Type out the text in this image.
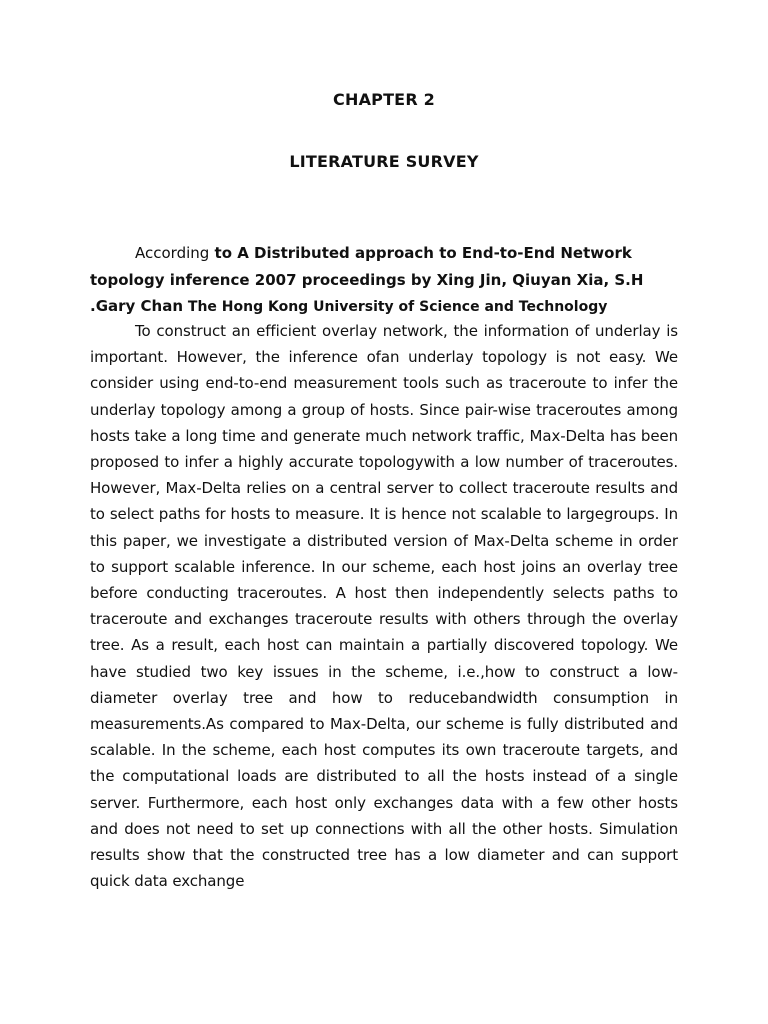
CHAPTER 2
LITERATURE SURVEY

According to A Distributed approach to End-to-End Network topology inference 2007 proceedings by Xing Jin, Qiuyan Xia, S.H .Gary Chan The Hong Kong University of Science and Technology

To construct an efficient overlay network, the information of underlay is important. However, the inference ofan underlay topology is not easy. We consider using end-to-end measurement tools such as traceroute to infer the underlay topology among a group of hosts. Since pair-wise traceroutes among hosts take a long time and generate much network traffic, Max-Delta has been proposed to infer a highly accurate topologywith a low number of traceroutes. However, Max-Delta relies on a central server to collect traceroute results and to select paths for hosts to measure. It is hence not scalable to largegroups. In this paper, we investigate a distributed version of Max-Delta scheme in order to support scalable inference. In our scheme, each host joins an overlay tree before conducting traceroutes. A host then independently selects paths to traceroute and exchanges traceroute results with others through the overlay tree. As a result, each host can maintain a partially discovered topology. We have studied two key issues in the scheme, i.e.,how to construct a low-diameter overlay tree and how to reducebandwidth consumption in measurements.As compared to Max-Delta, our scheme is fully distributed and scalable. In the scheme, each host computes its own traceroute targets, and the computational loads are distributed to all the hosts instead of a single server. Furthermore, each host only exchanges data with a few other hosts and does not need to set up connections with all the other hosts. Simulation results show that the constructed tree has a low diameter and can support quick data exchange
